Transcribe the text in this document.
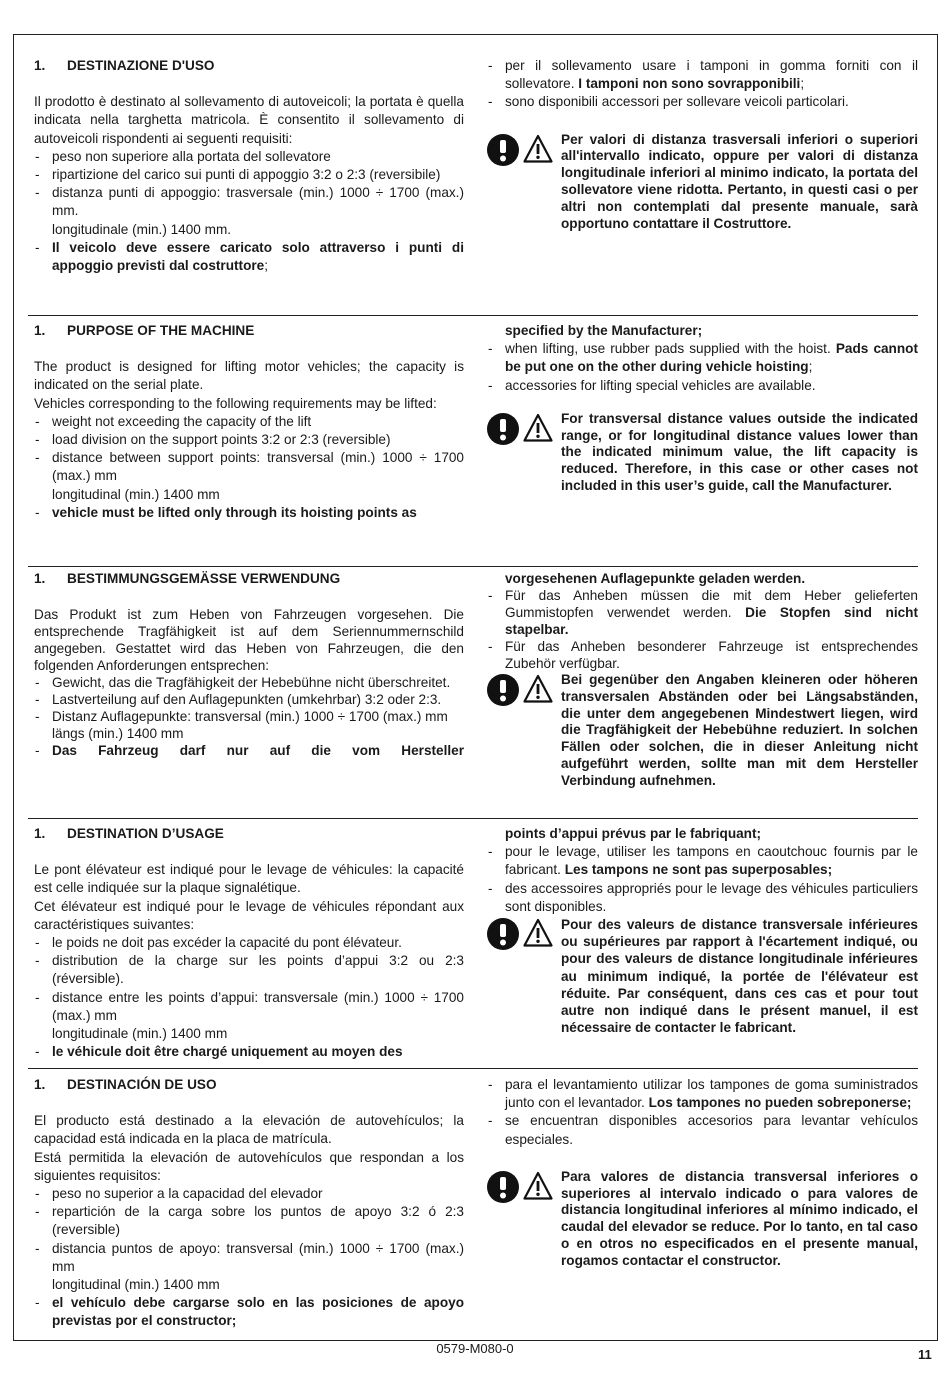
1.	DESTINAZIONE D'USO

Il prodotto è destinato al sollevamento di autoveicoli; la portata è quella indicata nella targhetta matricola. È consentito il sollevamento di autoveicoli rispondenti ai seguenti requisiti:

- peso non superiore alla portata del sollevatore
- ripartizione del carico sui punti di appoggio 3:2 o 2:3 (reversibile)
- distanza punti di appoggio: trasversale (min.) 1000 ÷ 1700 (max.) mm.
longitudinale (min.) 1400 mm.
- Il veicolo deve essere caricato solo attraverso i punti di appoggio previsti dal costruttore;
- per il sollevamento usare i tamponi in gomma forniti con il sollevatore. I tamponi non sono sovrapponibili;
- sono disponibili accessori per sollevare veicoli particolari.
Per valori di distanza trasversali inferiori o superiori all'intervallo indicato, oppure per valori di distanza longitudinale inferiori al minimo indicato, la portata del sollevatore viene ridotta. Pertanto, in questi casi o per altri non contemplati dal presente manuale, sarà opportuno contattare il Costruttore.
1.	PURPOSE OF THE MACHINE

The product is designed for lifting motor vehicles; the capacity is indicated on the serial plate.

Vehicles corresponding to the following requirements may be lifted:

- weight not exceeding the capacity of the lift
- load division on the support points 3:2 or 2:3 (reversible)
- distance between support points: transversal (min.) 1000 ÷ 1700 (max.) mm
longitudinal (min.) 1400 mm
- vehicle must be lifted only through its hoisting points as
specified by the Manufacturer;
- when lifting, use rubber pads supplied with the hoist. Pads cannot be put one on the other during vehicle hoisting;
- accessories for lifting special vehicles are available.
For transversal distance values outside the indicated range, or for longitudinal distance values lower than the indicated minimum value, the lift capacity is reduced. Therefore, in this case or other cases not included in this user’s guide, call the Manufacturer.
1.	BESTIMMUNGSGEMÄSSE VERWENDUNG

Das Produkt ist zum Heben von Fahrzeugen vorgesehen. Die entsprechende Tragfähigkeit ist auf dem Seriennummernschild angegeben. Gestattet wird das Heben von Fahrzeugen, die den folgenden Anforderungen entsprechen:

- Gewicht, das die Tragfähigkeit der Hebebühne nicht überschreitet.
- Lastverteilung auf den Auflagepunkten (umkehrbar) 3:2 oder 2:3.
- Distanz Auflagepunkte: transversal (min.) 1000 ÷ 1700 (max.) mm
längs (min.) 1400 mm
- Das Fahrzeug darf nur auf die vom Hersteller
vorgesehenen Auflagepunkte geladen werden.
- Für das Anheben müssen die mit dem Heber gelieferten Gummistopfen verwendet werden. Die Stopfen sind nicht stapelbar.
- Für das Anheben besonderer Fahrzeuge ist entsprechendes Zubehör verfügbar.
Bei gegenüber den Angaben kleineren oder höheren transversalen Abständen oder bei Längsabständen, die unter dem angegebenen Mindestwert liegen, wird die Tragfähigkeit der Hebebühne reduziert. In solchen Fällen oder solchen, die in dieser Anleitung nicht aufgeführt werden, sollte man mit dem Hersteller Verbindung aufnehmen.
1.	DESTINATION D’USAGE

Le pont élévateur est indiqué pour le levage de véhicules: la capacité est celle indiquée sur la plaque signalétique.

Cet élévateur est indiqué pour le levage de véhicules répondant aux caractéristiques suivantes:

- le poids ne doit pas excéder la capacité du pont élévateur.
- distribution de la charge sur les points d’appui 3:2 ou 2:3 (réversible).
- distance entre les points d’appui: transversale (min.) 1000 ÷ 1700 (max.) mm
longitudinale (min.) 1400 mm
- le véhicule doit être chargé uniquement au moyen des
points d’appui prévus par le fabriquant;
- pour le levage, utiliser les tampons en caoutchouc fournis par le fabricant. Les tampons ne sont pas superposables;
- des accessoires appropriés pour le levage des véhicules particuliers sont disponibles.
Pour des valeurs de distance transversale inférieures ou supérieures par rapport à l'écartement indiqué, ou pour des valeurs de distance longitudinale inférieures au minimum indiqué, la portée de l'élévateur est réduite. Par conséquent, dans ces cas et pour tout autre non indiqué dans le présent manuel, il est nécessaire de contacter le fabricant.
1.	DESTINACIÓN DE USO

El producto está destinado a la elevación de autovehículos; la capacidad está indicada en la placa de matrícula.

Está permitida la elevación de autovehículos que respondan a los siguientes requisitos:

- peso no superior a la capacidad del elevador
- repartición de la carga sobre los puntos de apoyo 3:2 ó 2:3 (reversible)
- distancia puntos de apoyo: transversal (min.) 1000 ÷ 1700 (max.) mm
longitudinal (min.) 1400 mm
- el vehículo debe cargarse solo en las posiciones de apoyo previstas por el constructor;
- para el levantamiento utilizar los tampones de goma suministrados junto con el levantador. Los tampones no pueden sobreponerse;
- se encuentran disponibles accesorios para levantar vehículos especiales.
Para valores de distancia transversal inferiores o superiores al intervalo indicado o para valores de distancia longitudinal inferiores al mínimo indicado, el caudal del elevador se reduce. Por lo tanto, en tal caso o en otros no especificados en el presente manual, rogamos contactar el constructor.
0579-M080-0	11
